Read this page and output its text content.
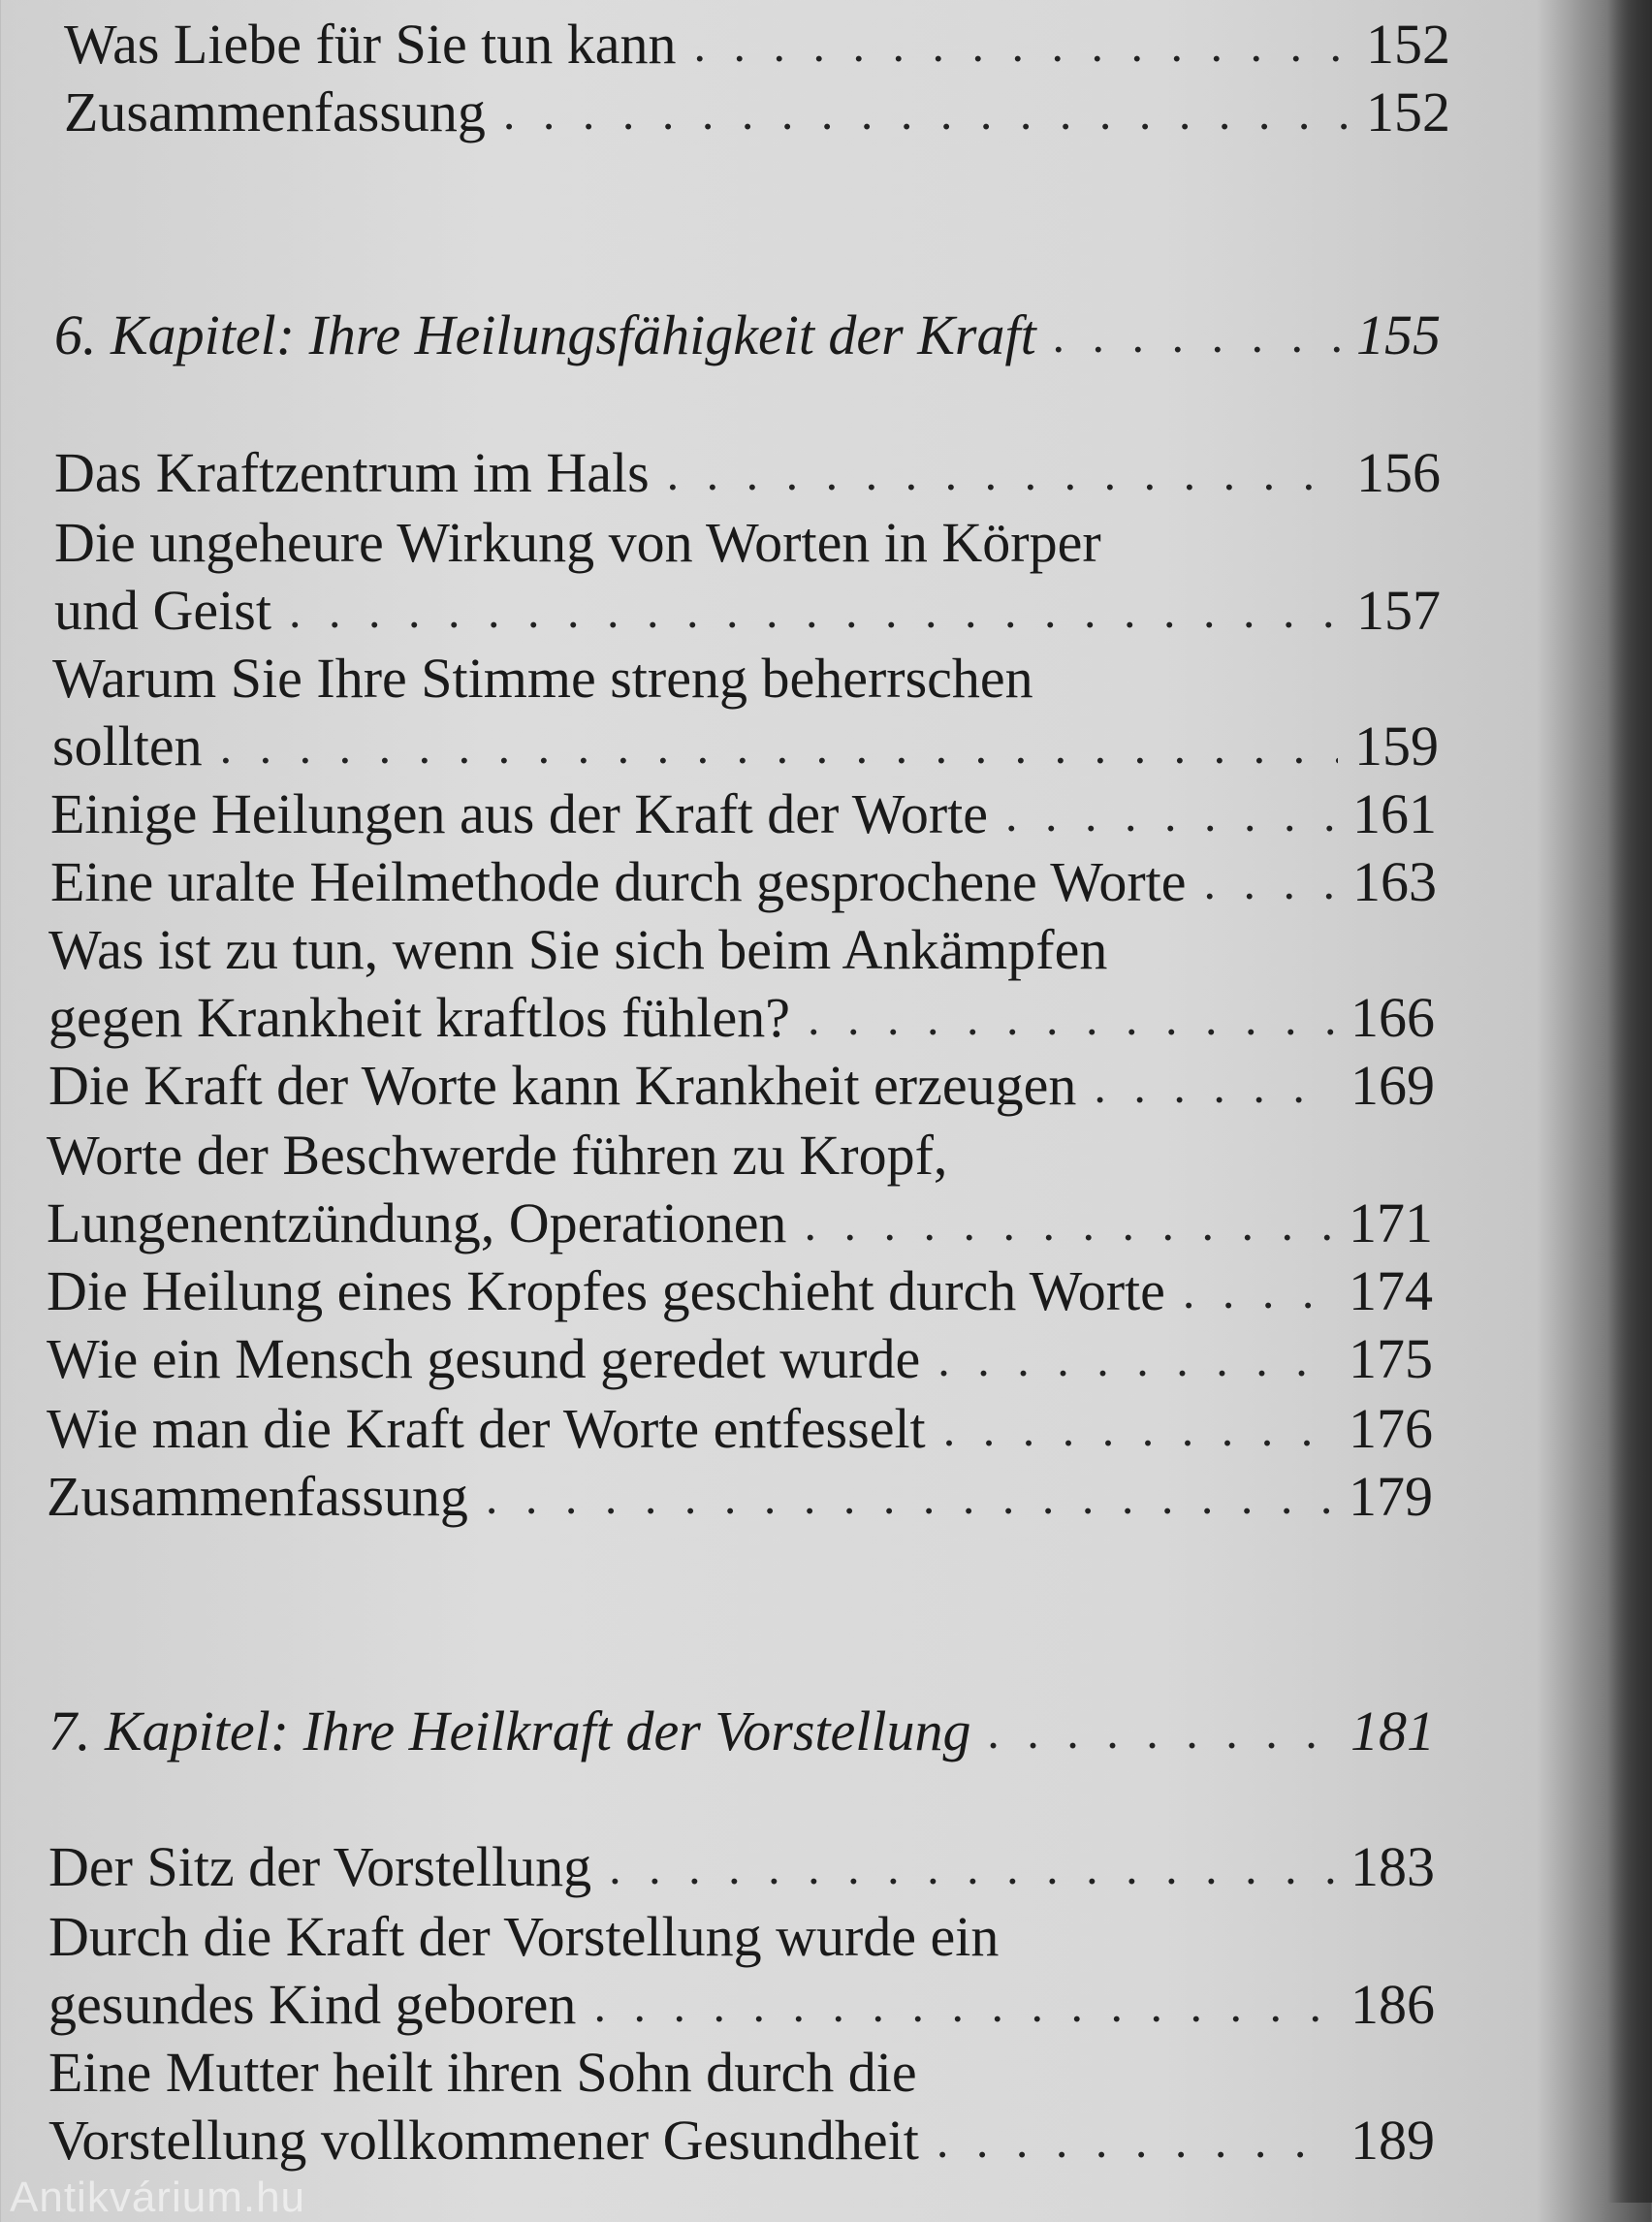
Was Liebe für Sie tun kann . . .	152
Zusammenfassung . . .	152
6. Kapitel: Ihre Heilungsfähigkeit der Kraft . . .	155
Das Kraftzentrum im Hals . . .	156
Die ungeheure Wirkung von Worten in Körper
und Geist . . .	157
Warum Sie Ihre Stimme streng beherrschen
sollten . . .	159
Einige Heilungen aus der Kraft der Worte . . .	161
Eine uralte Heilmethode durch gesprochene Worte . . .	163
Was ist zu tun, wenn Sie sich beim Ankämpfen
gegen Krankheit kraftlos fühlen? . . .	166
Die Kraft der Worte kann Krankheit erzeugen . . .	169
Worte der Beschwerde führen zu Kropf,
Lungenentzündung, Operationen . . .	171
Die Heilung eines Kropfes geschieht durch Worte . . .	174
Wie ein Mensch gesund geredet wurde . . .	175
Wie man die Kraft der Worte entfesselt . . .	176
Zusammenfassung . . .	179
7. Kapitel: Ihre Heilkraft der Vorstellung . . .	181
Der Sitz der Vorstellung . . .	183
Durch die Kraft der Vorstellung wurde ein
gesundes Kind geboren . . .	186
Eine Mutter heilt ihren Sohn durch die
Vorstellung vollkommener Gesundheit . . .	189
Antikvárium.hu
